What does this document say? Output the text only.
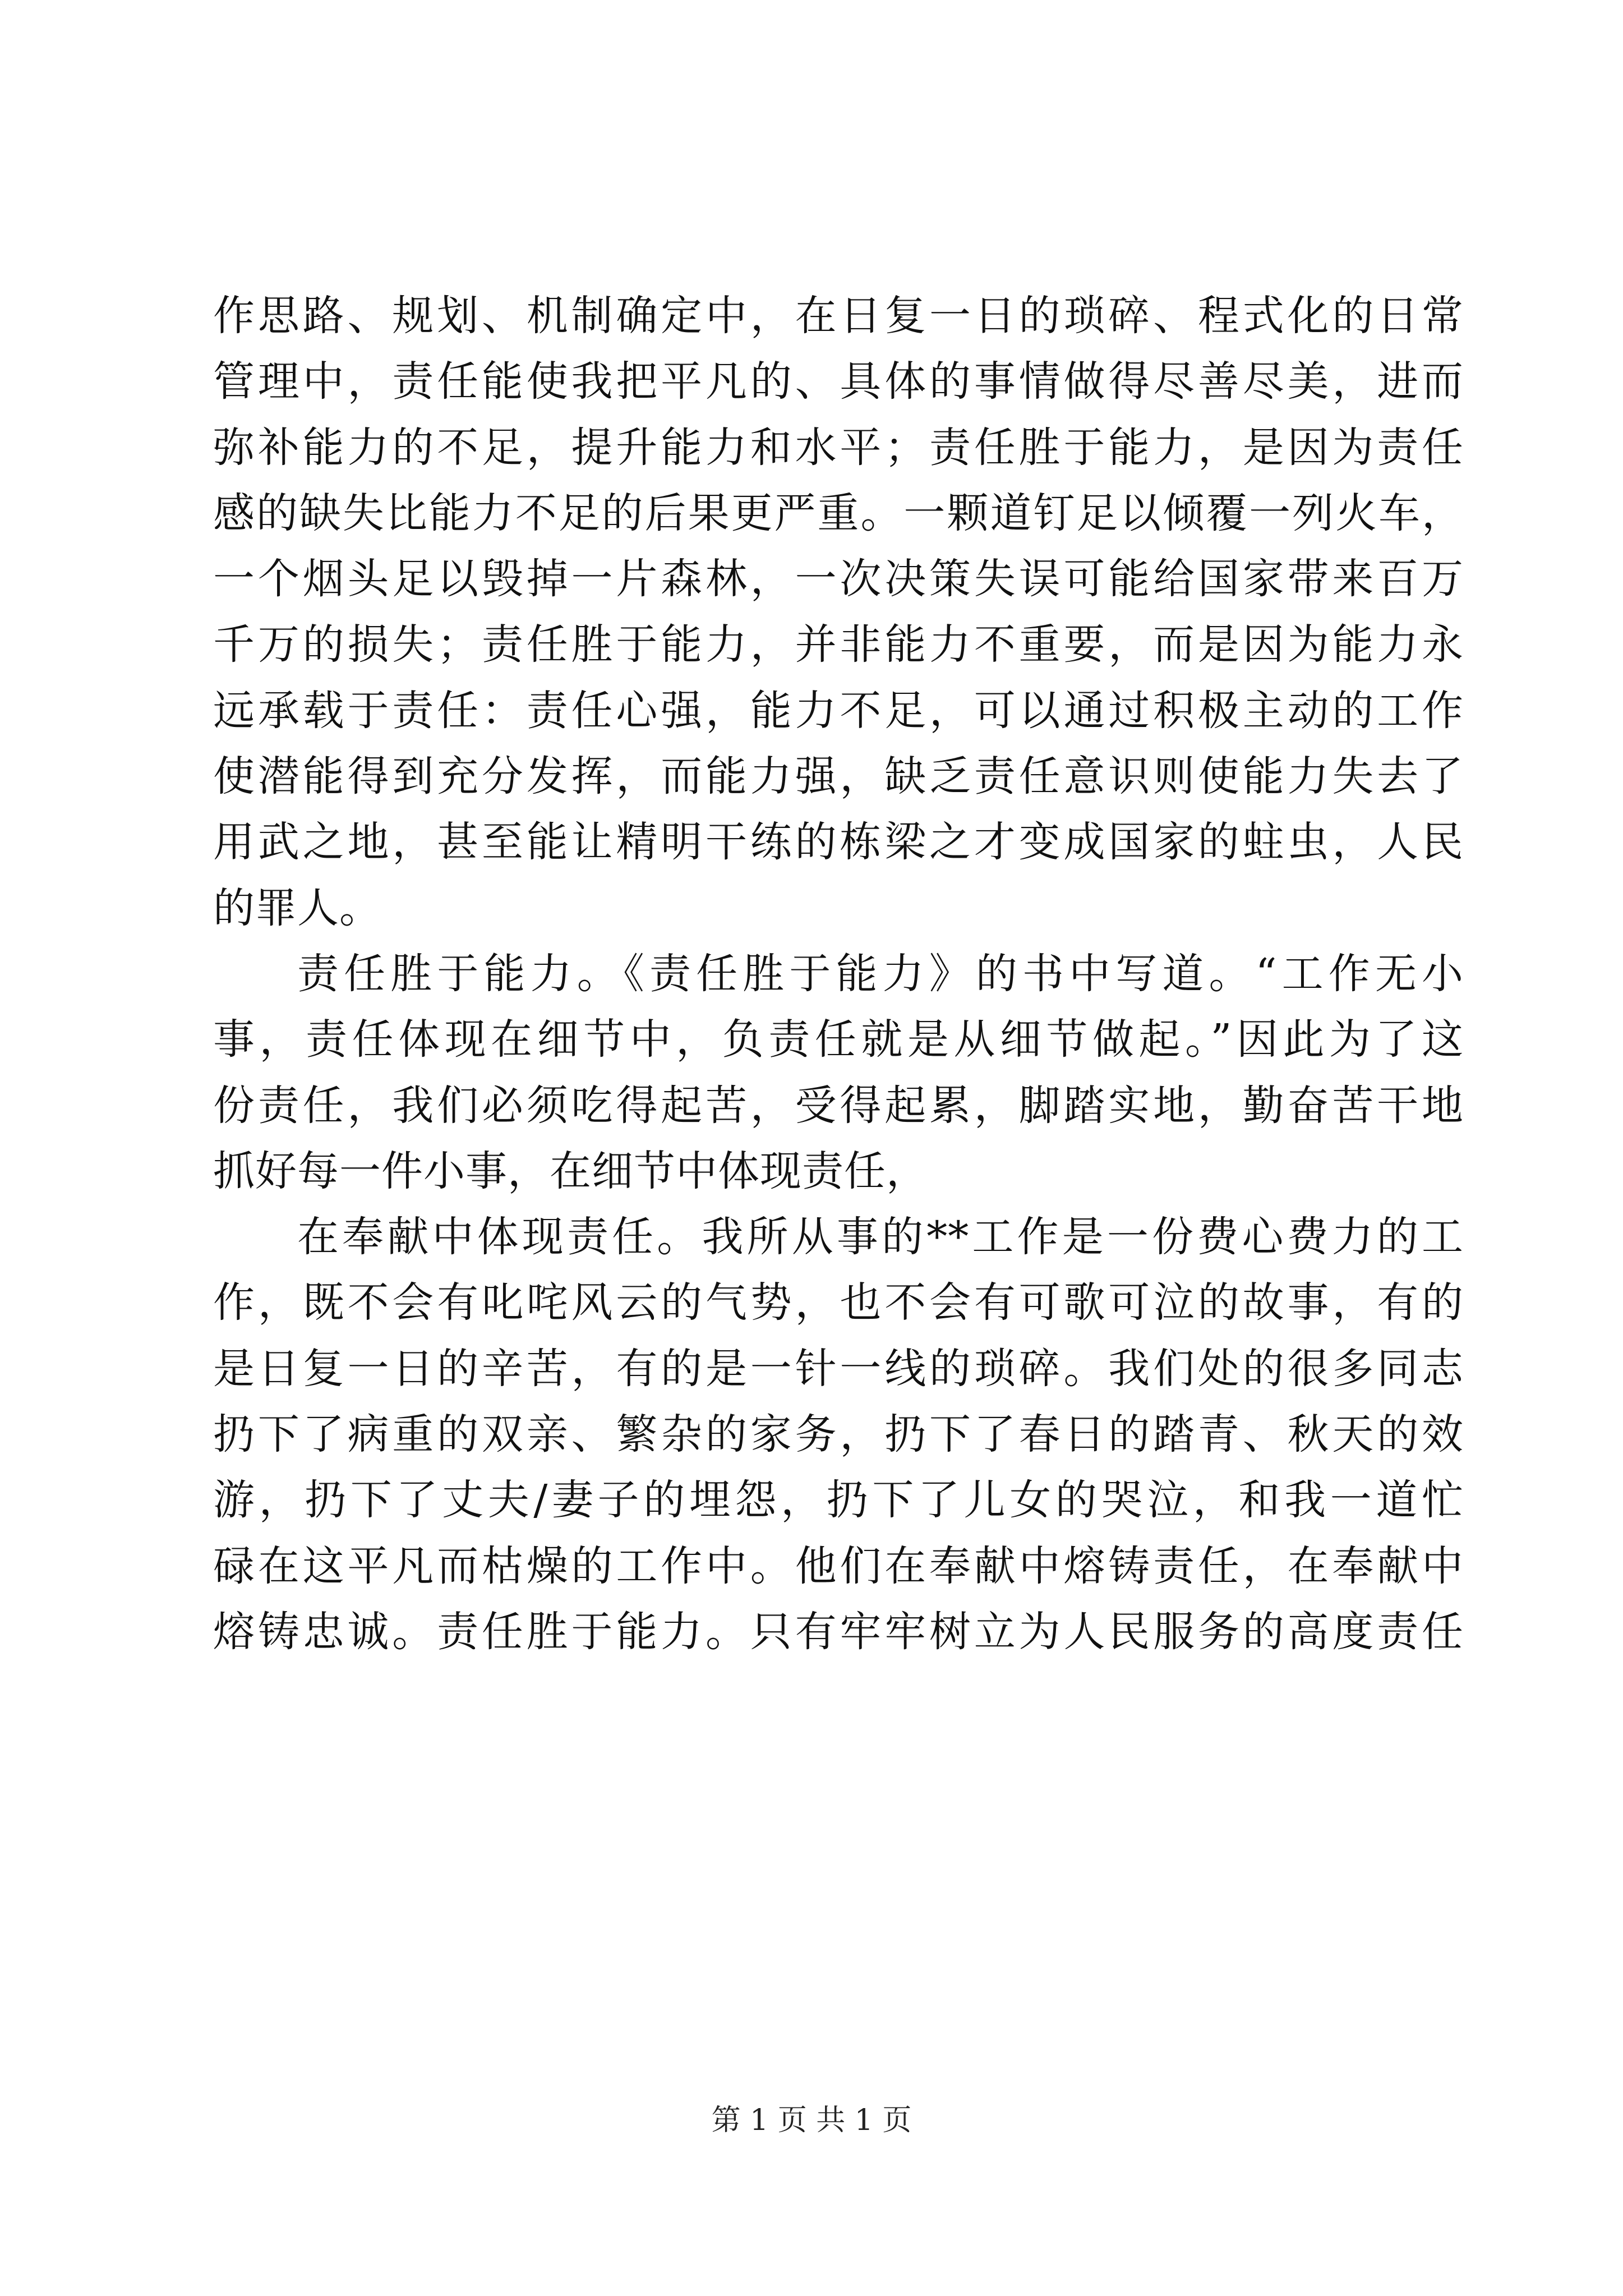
作思路、规划、机制确定中，在日复一日的琐碎、程式化的日常
管理中，责任能使我把平凡的、具体的事情做得尽善尽美，进而
弥补能力的不足，提升能力和水平；责任胜于能力，是因为责任
感的缺失比能力不足的后果更严重。一颗道钉足以倾覆一列火车，
一个烟头足以毁掉一片森林，一次决策失误可能给国家带来百万
千万的损失；责任胜于能力，并非能力不重要，而是因为能力永
远承载于责任：责任心强，能力不足，可以通过积极主动的工作
使潜能得到充分发挥，而能力强，缺乏责任意识则使能力失去了
用武之地，甚至能让精明干练的栋梁之才变成国家的蛀虫，人民
的罪人。
责任胜于能力。《责任胜于能力》的书中写道。“工作无小
事，责任体现在细节中，负责任就是从细节做起。”因此为了这
份责任，我们必须吃得起苦，受得起累，脚踏实地，勤奋苦干地
抓好每一件小事，在细节中体现责任，
在奉献中体现责任。我所从事的**工作是一份费心费力的工
作，既不会有叱咤风云的气势，也不会有可歌可泣的故事，有的
是日复一日的辛苦，有的是一针一线的琐碎。我们处的很多同志
扔下了病重的双亲、繁杂的家务，扔下了春日的踏青、秋天的效
游，扔下了丈夫/妻子的埋怨，扔下了儿女的哭泣，和我一道忙
碌在这平凡而枯燥的工作中。他们在奉献中熔铸责任，在奉献中
熔铸忠诚。责任胜于能力。只有牢牢树立为人民服务的高度责任
第 1 页 共 1 页
